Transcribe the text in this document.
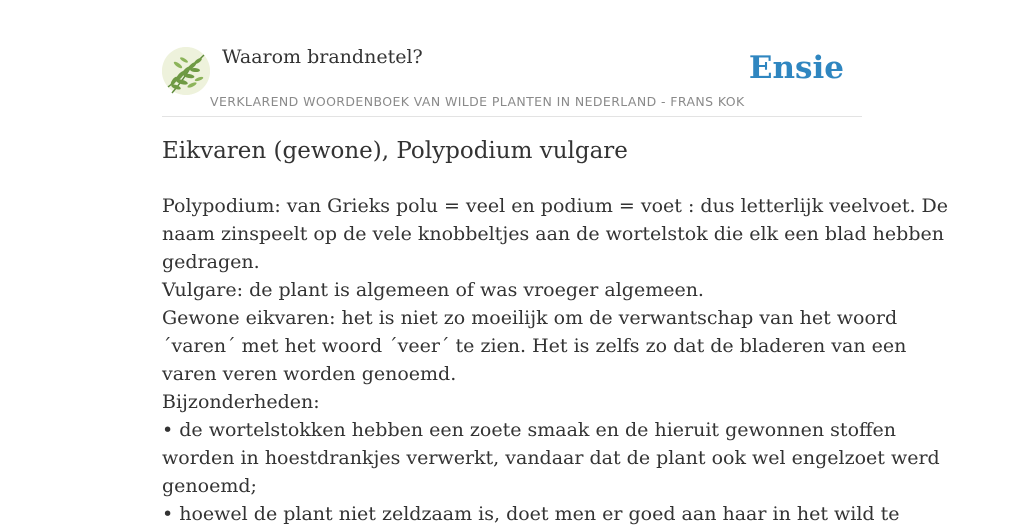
Waarom brandnetel?
VERKLAREND WOORDENBOEK VAN WILDE PLANTEN IN NEDERLAND - FRANS KOK
Ensie
Eikvaren (gewone), Polypodium vulgare

Polypodium: van Grieks polu = veel en podium = voet : dus letterlijk veelvoet. De

naam zinspeelt op de vele knobbeltjes aan de wortelstok die elk een blad hebben

gedragen.

Vulgare: de plant is algemeen of was vroeger algemeen.

Gewone eikvaren: het is niet zo moeilijk om de verwantschap van het woord

´varen´ met het woord ´veer´ te zien. Het is zelfs zo dat de bladeren van een

varen veren worden genoemd.

Bijzonderheden:

• de wortelstokken hebben een zoete smaak en de hieruit gewonnen stoffen

worden in hoestdrankjes verwerkt, vandaar dat de plant ook wel engelzoet werd

genoemd;

• hoewel de plant niet zeldzaam is, doet men er goed aan haar in het wild te
